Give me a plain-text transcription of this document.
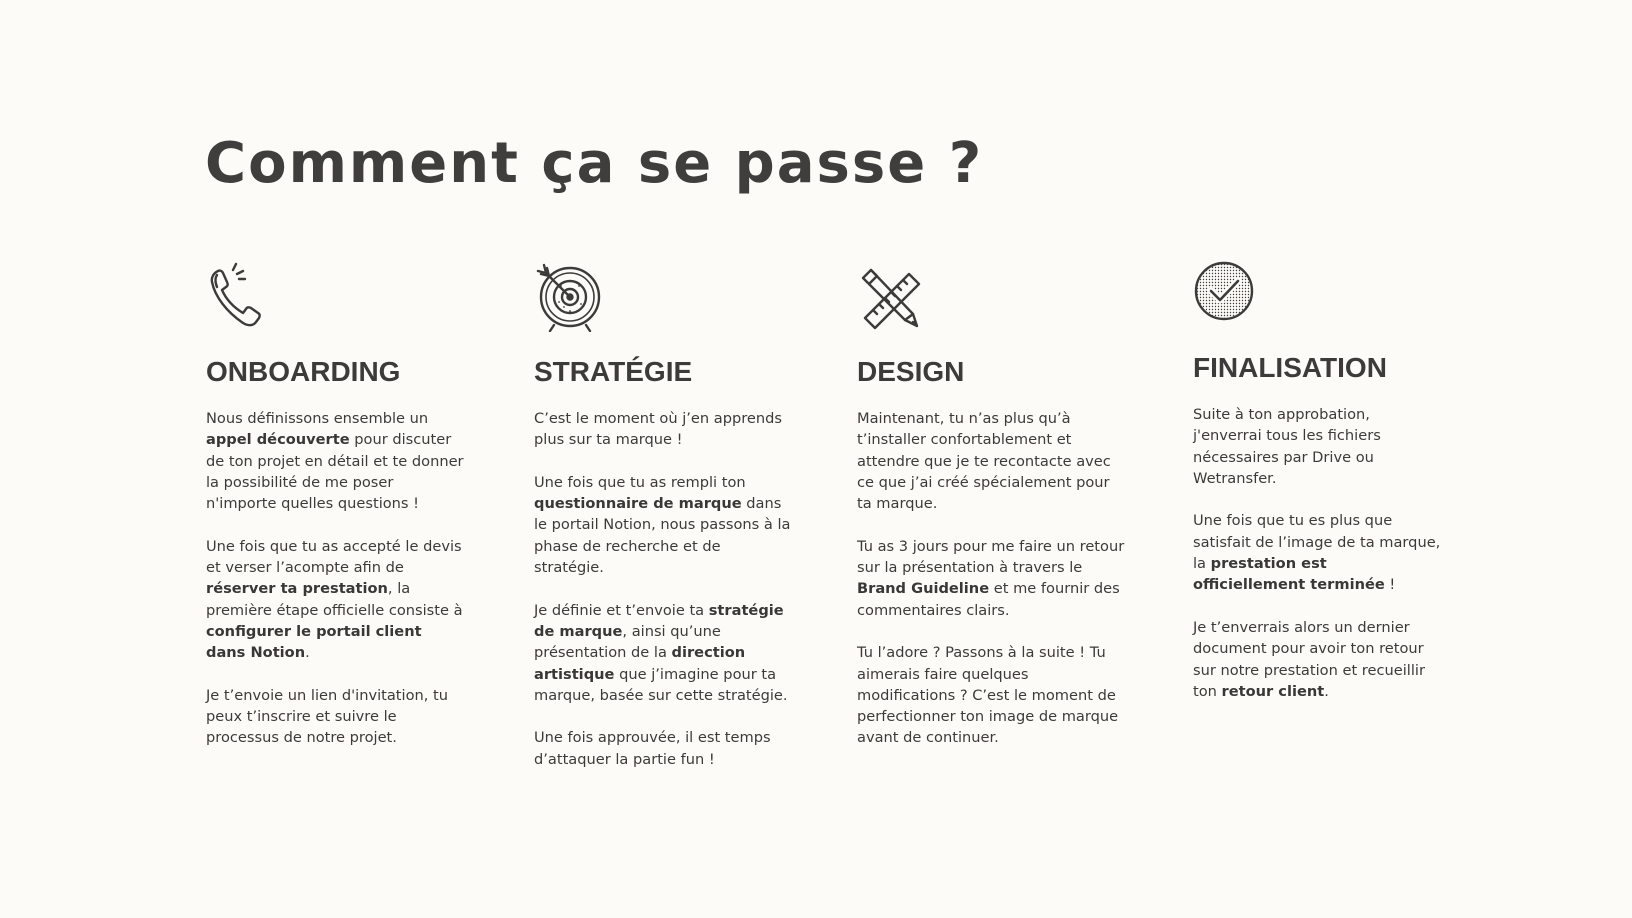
Comment ça se passe ?
ONBOARDING

Nous définissons ensemble un appel découverte pour discuter de ton projet en détail et te donner la possibilité de me poser n'importe quelles questions !

Une fois que tu as accepté le devis et verser l’acompte afin de réserver ta prestation, la première étape officielle consiste à configurer le portail client dans Notion.

Je t’envoie un lien d'invitation, tu peux t’inscrire et suivre le processus de notre projet.

STRATÉGIE

C’est le moment où j’en apprends plus sur ta marque !

Une fois que tu as rempli ton questionnaire de marque dans le portail Notion, nous passons à la phase de recherche et de stratégie.

Je définie et t’envoie ta stratégie de marque, ainsi qu’une présentation de la direction artistique que j’imagine pour ta marque, basée sur cette stratégie.

Une fois approuvée, il est temps d’attaquer la partie fun !

DESIGN

Maintenant, tu n’as plus qu’à t’installer confortablement et attendre que je te recontacte avec ce que j’ai créé spécialement pour ta marque.

Tu as 3 jours pour me faire un retour sur la présentation à travers le Brand Guideline et me fournir des commentaires clairs.

Tu l’adore ? Passons à la suite ! Tu aimerais faire quelques modifications ? C’est le moment de perfectionner ton image de marque avant de continuer.

FINALISATION

Suite à ton approbation, j'enverrai tous les fichiers nécessaires par Drive ou Wetransfer.

Une fois que tu es plus que satisfait de l’image de ta marque, la prestation est officiellement terminée !

Je t’enverrais alors un dernier document pour avoir ton retour sur notre prestation et recueillir ton retour client.
